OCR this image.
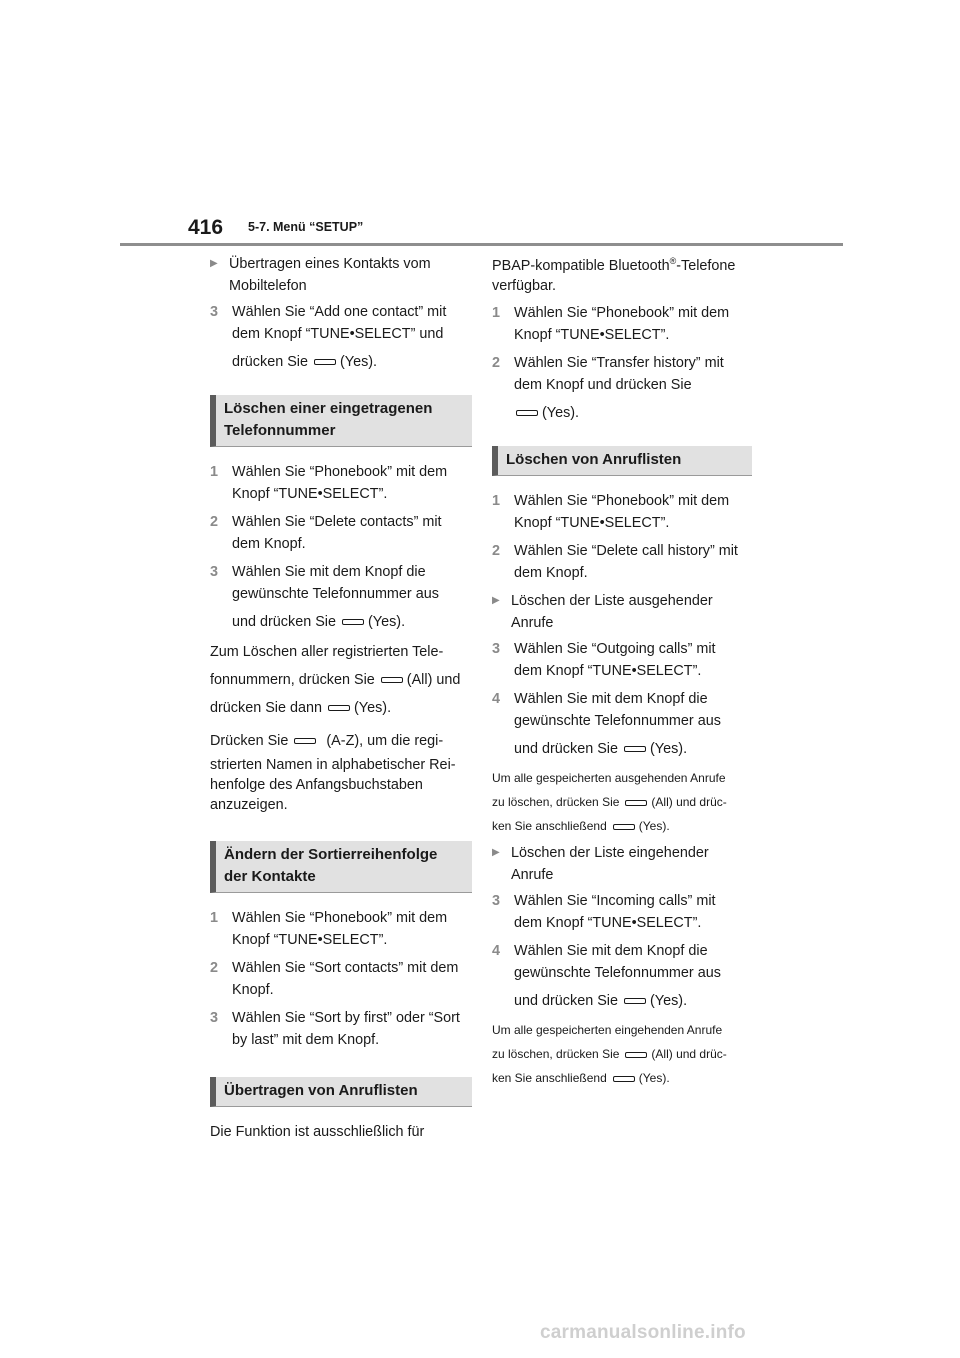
416 5-7. Menü “SETUP”
▶ Übertragen eines Kontakts vom
Mobiltelefon
3 Wählen Sie “Add one contact” mit
dem Knopf “TUNE•SELECT” und
drücken Sie (Yes).
Löschen einer eingetragenen Telefonnummer
1 Wählen Sie “Phonebook” mit dem
Knopf “TUNE•SELECT”.
2 Wählen Sie “Delete contacts” mit
dem Knopf.
3 Wählen Sie mit dem Knopf die
gewünschte Telefonnummer aus
und drücken Sie (Yes).
Zum Löschen aller registrierten Tele-
fonnummern, drücken Sie (All) und
drücken Sie dann (Yes).
Drücken Sie	(A-Z), um die regi-
strierten Namen in alphabetischer Rei-
henfolge des Anfangsbuchstaben
anzuzeigen.
Ändern der Sortierreihenfolge der Kontakte
1 Wählen Sie “Phonebook” mit dem
Knopf “TUNE•SELECT”.
2 Wählen Sie “Sort contacts” mit dem
Knopf.
3 Wählen Sie “Sort by first” oder “Sort
by last” mit dem Knopf.
Übertragen von Anruflisten
Die Funktion ist ausschließlich für
PBAP-kompatible Bluetooth®-Telefone
verfügbar.
1 Wählen Sie “Phonebook” mit dem
Knopf “TUNE•SELECT”.
2 Wählen Sie “Transfer history” mit
dem Knopf und drücken Sie
(Yes).
Löschen von Anruflisten
1 Wählen Sie “Phonebook” mit dem
Knopf “TUNE•SELECT”.
2 Wählen Sie “Delete call history” mit
dem Knopf.
▶ Löschen der Liste ausgehender
Anrufe
3 Wählen Sie “Outgoing calls” mit
dem Knopf “TUNE•SELECT”.
4 Wählen Sie mit dem Knopf die
gewünschte Telefonnummer aus
und drücken Sie (Yes).
Um alle gespeicherten ausgehenden Anrufe
zu löschen, drücken Sie	(All) und drüc-
ken Sie anschließend	(Yes).
▶ Löschen der Liste eingehender
Anrufe
3 Wählen Sie “Incoming calls” mit
dem Knopf “TUNE•SELECT”.
4 Wählen Sie mit dem Knopf die
gewünschte Telefonnummer aus
und drücken Sie (Yes).
Um alle gespeicherten eingehenden Anrufe
zu löschen, drücken Sie	(All) und drüc-
ken Sie anschließend	(Yes).
carmanualsonline.info
